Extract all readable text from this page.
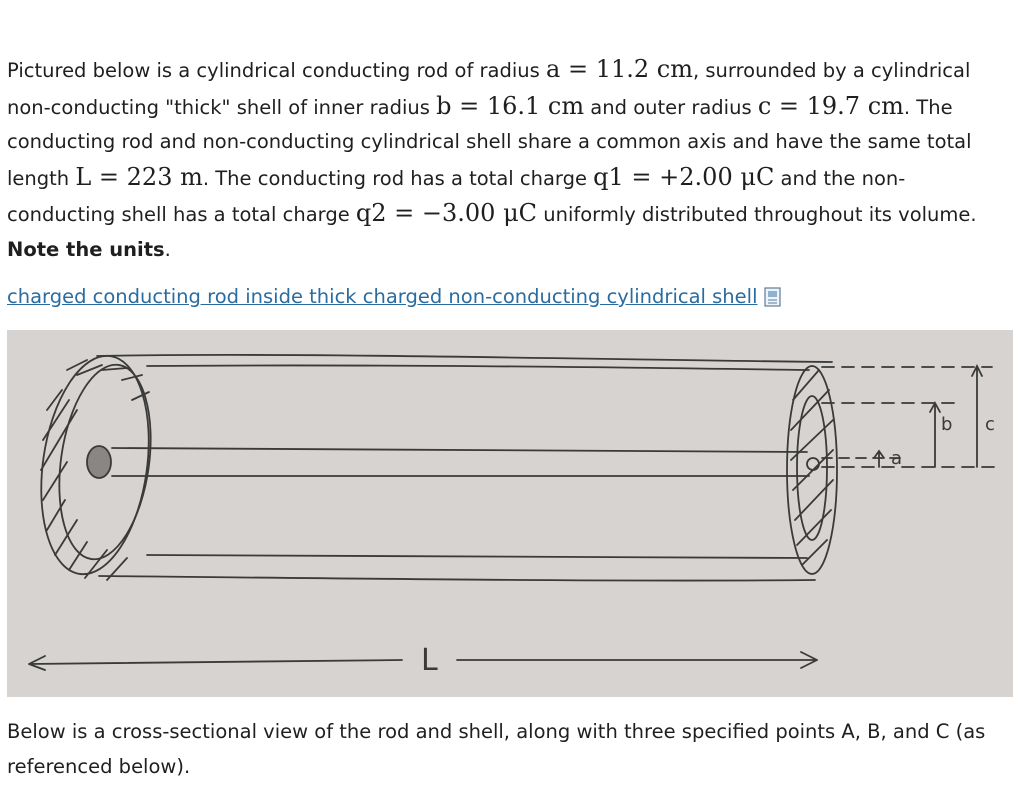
Pictured below is a cylindrical conducting rod of radius a = 11.2 cm, surrounded by a cylindrical non-conducting "thick" shell of inner radius b = 16.1 cm and outer radius c = 19.7 cm. The conducting rod and non-conducting cylindrical shell share a common axis and have the same total length L = 223 m. The conducting rod has a total charge q1 = +2.00 μC and the non-conducting shell has a total charge q2 = −3.00 μC uniformly distributed throughout its volume. Note the units.
charged conducting rod inside thick charged non-conducting cylindrical shell
a
b c
L
Below is a cross-sectional view of the rod and shell, along with three specified points A, B, and C (as referenced below).
